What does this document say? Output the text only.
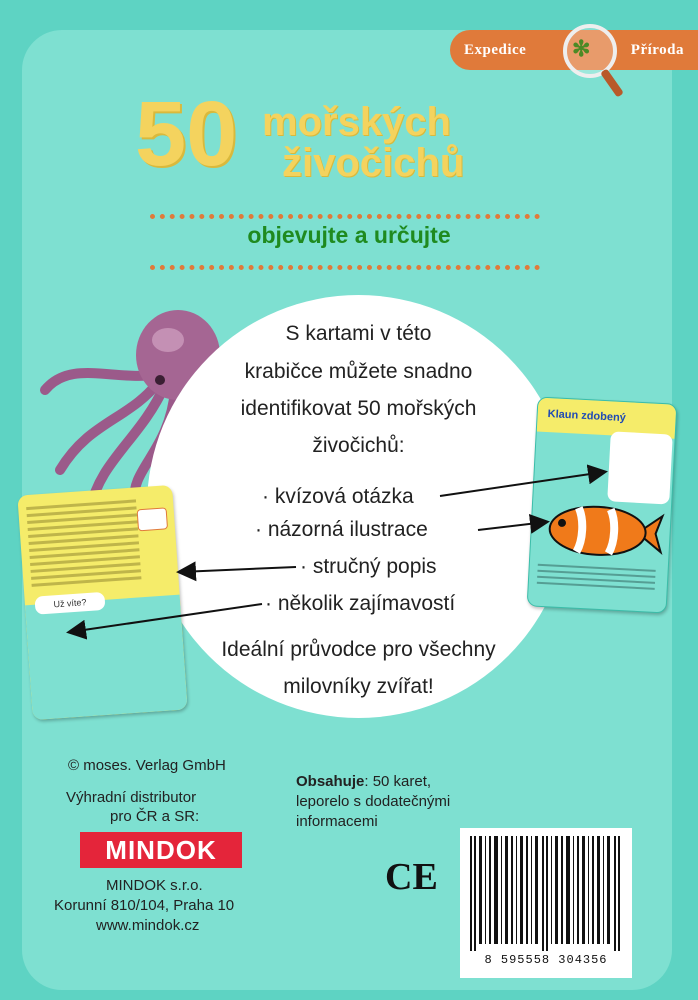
Expedice	Příroda
✻
50 mořských
živočichů
objevujte a určujte
S kartami v této
krabičce můžete snadno
identifikovat 50 mořských
živočichů:
· kvízová otázka
· názorná ilustrace
· stručný popis
· několik zajímavostí
Ideální průvodce pro všechny
milovníky zvířat!
Už víte?
Klaun zdobený
© moses. Verlag GmbH
Výhradní distributor
pro ČR a SR:
MINDOK
MINDOK s.r.o.
Korunní 810/104, Praha 10
www.mindok.cz
Obsahuje: 50 karet,
leporelo s dodatečnými
informacemi
CE
8 595558 304356
